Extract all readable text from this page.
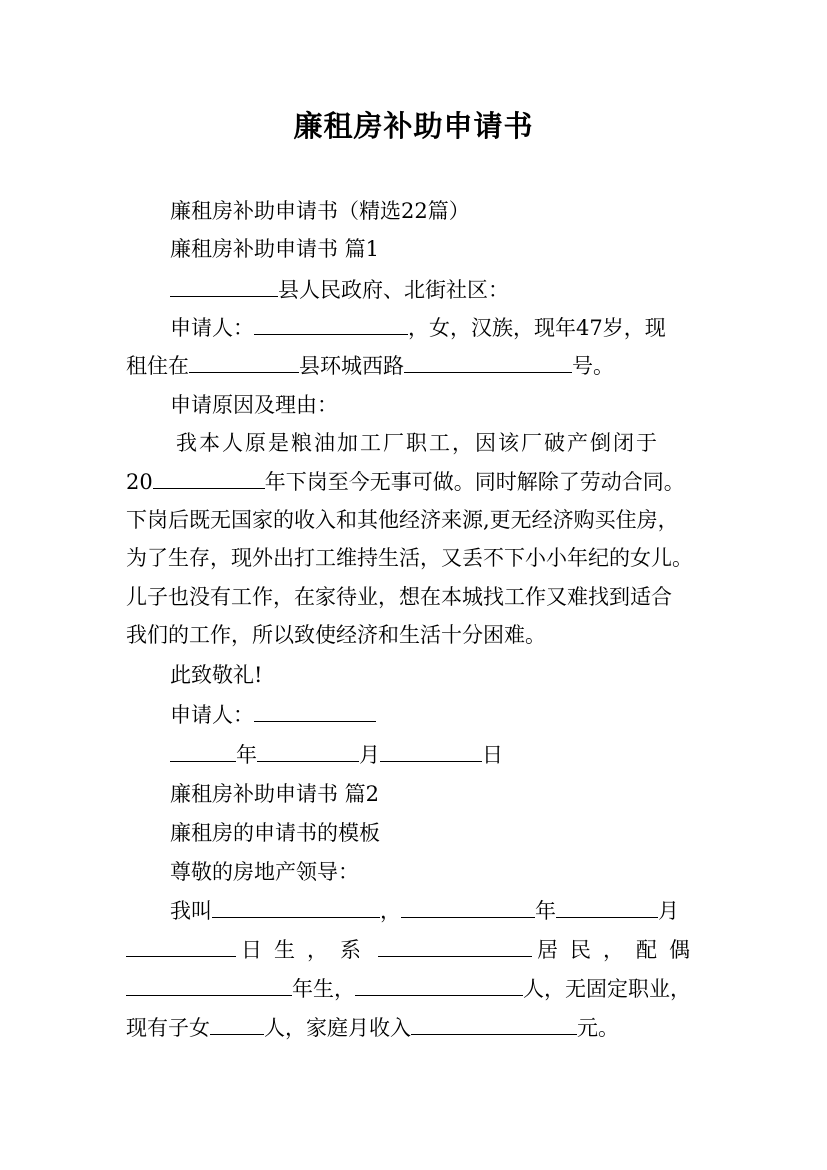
廉租房补助申请书
廉租房补助申请书（精选22篇）
廉租房补助申请书 篇1
县人民政府、北街社区：
申请人：	，女，汉族，现年47岁，现
租住在	县环城西路	号。
申请原因及理由：
我本人原是粮油加工厂职工，因该厂破产倒闭于
20	年下岗至今无事可做。同时解除了劳动合同。
下岗后既无国家的收入和其他经济来源,更无经济购买住房，
为了生存，现外出打工维持生活，又丢不下小小年纪的女儿。
儿子也没有工作，在家待业，想在本城找工作又难找到适合
我们的工作，所以致使经济和生活十分困难。
此致敬礼!
申请人：
年	月	日
廉租房补助申请书 篇2
廉租房的申请书的模板
尊敬的房地产领导：
我叫	，	年	月
日生，系	居民，配偶
年生，	人，无固定职业，
现有子女	人，家庭月收入	元。
